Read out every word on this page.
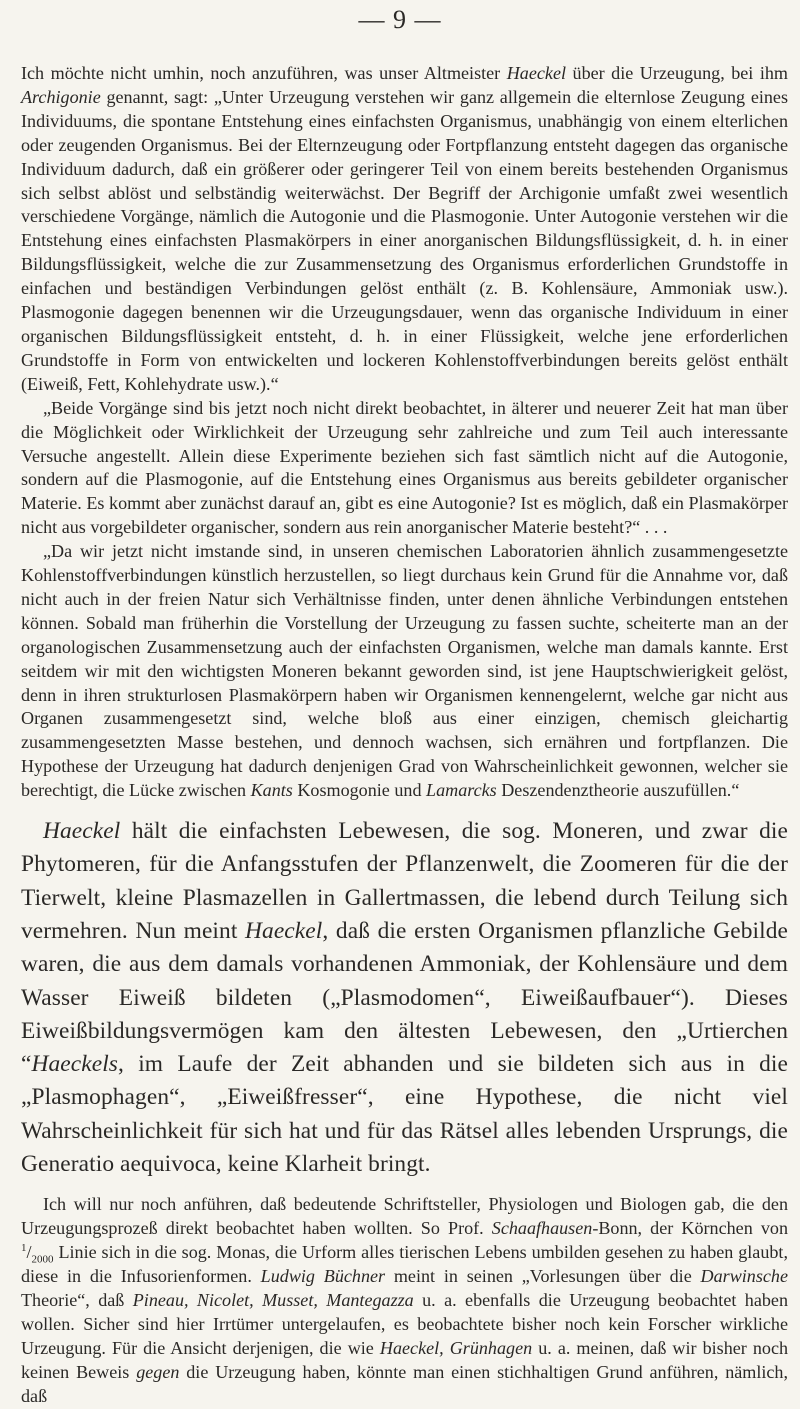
— 9 —

Ich möchte nicht umhin, noch anzuführen, was unser Altmeister Haeckel über die Urzeugung, bei ihm Archigonie genannt, sagt: „Unter Urzeugung verstehen wir ganz allgemein die elternlose Zeugung eines Individuums, die spontane Entstehung eines einfachsten Organismus, unabhängig von einem elterlichen oder zeugenden Organismus. Bei der Elternzeugung oder Fortpflanzung entsteht dagegen das organische Individuum dadurch, daß ein größerer oder geringerer Teil von einem bereits bestehenden Organismus sich selbst ablöst und selbständig weiterwächst. Der Begriff der Archigonie umfaßt zwei wesentlich verschiedene Vorgänge, nämlich die Autogonie und die Plasmogonie. Unter Autogonie verstehen wir die Entstehung eines einfachsten Plasmakörpers in einer anorganischen Bildungsflüssigkeit, d. h. in einer Bildungsflüssigkeit, welche die zur Zusammensetzung des Organismus erforderlichen Grundstoffe in einfachen und beständigen Verbindungen gelöst enthält (z. B. Kohlensäure, Ammoniak usw.). Plasmogonie dagegen benennen wir die Urzeugungsdauer, wenn das organische Individuum in einer organischen Bildungsflüssigkeit entsteht, d. h. in einer Flüssigkeit, welche jene erforderlichen Grundstoffe in Form von entwickelten und lockeren Kohlenstoffverbindungen bereits gelöst enthält (Eiweiß, Fett, Kohlehydrate usw.).“

„Beide Vorgänge sind bis jetzt noch nicht direkt beobachtet, in älterer und neuerer Zeit hat man über die Möglichkeit oder Wirklichkeit der Urzeugung sehr zahlreiche und zum Teil auch interessante Versuche angestellt. Allein diese Experimente beziehen sich fast sämtlich nicht auf die Autogonie, sondern auf die Plasmogonie, auf die Entstehung eines Organismus aus bereits gebildeter organischer Materie. Es kommt aber zunächst darauf an, gibt es eine Autogonie? Ist es möglich, daß ein Plasmakörper nicht aus vorgebildeter organischer, sondern aus rein anorganischer Materie besteht?“ . . .

„Da wir jetzt nicht imstande sind, in unseren chemischen Laboratorien ähnlich zusammengesetzte Kohlenstoffverbindungen künstlich herzustellen, so liegt durchaus kein Grund für die Annahme vor, daß nicht auch in der freien Natur sich Verhältnisse finden, unter denen ähnliche Verbindungen entstehen können. Sobald man früherhin die Vorstellung der Urzeugung zu fassen suchte, scheiterte man an der organologischen Zusammensetzung auch der einfachsten Organismen, welche man damals kannte. Erst seitdem wir mit den wichtigsten Moneren bekannt geworden sind, ist jene Hauptschwierigkeit gelöst, denn in ihren strukturlosen Plasmakörpern haben wir Organismen kennengelernt, welche gar nicht aus Organen zusammengesetzt sind, welche bloß aus einer einzigen, chemisch gleichartig zusammengesetzten Masse bestehen, und dennoch wachsen, sich ernähren und fortpflanzen. Die Hypothese der Urzeugung hat dadurch denjenigen Grad von Wahrscheinlichkeit gewonnen, welcher sie berechtigt, die Lücke zwischen Kants Kosmogonie und Lamarcks Deszendenztheorie auszufüllen.“

Haeckel hält die einfachsten Lebewesen, die sog. Moneren, und zwar die Phytomeren, für die Anfangsstufen der Pflanzenwelt, die Zoomeren für die der Tierwelt, kleine Plasmazellen in Gallertmassen, die lebend durch Teilung sich vermehren. Nun meint Haeckel, daß die ersten Organismen pflanzliche Gebilde waren, die aus dem damals vorhandenen Ammoniak, der Kohlensäure und dem Wasser Eiweiß bildeten („Plasmodomen“, Eiweißaufbauer“). Dieses Eiweißbildungsvermögen kam den ältesten Lebewesen, den „Urtierchen “Haeckels, im Laufe der Zeit abhanden und sie bildeten sich aus in die „Plasmophagen“, „Eiweißfresser“, eine Hypothese, die nicht viel Wahrscheinlichkeit für sich hat und für das Rätsel alles lebenden Ursprungs, die Generatio aequivoca, keine Klarheit bringt.

Ich will nur noch anführen, daß bedeutende Schriftsteller, Physiologen und Biologen gab, die den Urzeugungsprozeß direkt beobachtet haben wollten. So Prof. Schaafhausen-Bonn, der Körnchen von $^1/_{2000}$ Linie sich in die sog. Monas, die Urform alles tierischen Lebens umbilden gesehen zu haben glaubt, diese in die Infusorienformen. Ludwig Büchner meint in seinen „Vorlesungen über die Darwinsche Theorie“, daß Pineau, Nicolet, Musset, Mantegazza u. a. ebenfalls die Urzeugung beobachtet haben wollen. Sicher sind hier Irrtümer untergelaufen, es beobachtete bisher noch kein Forscher wirkliche Urzeugung. Für die Ansicht derjenigen, die wie Haeckel, Grünhagen u. a. meinen, daß wir bisher noch keinen Beweis gegen die Urzeugung haben, könnte man einen stichhaltigen Grund anführen, nämlich, daß
